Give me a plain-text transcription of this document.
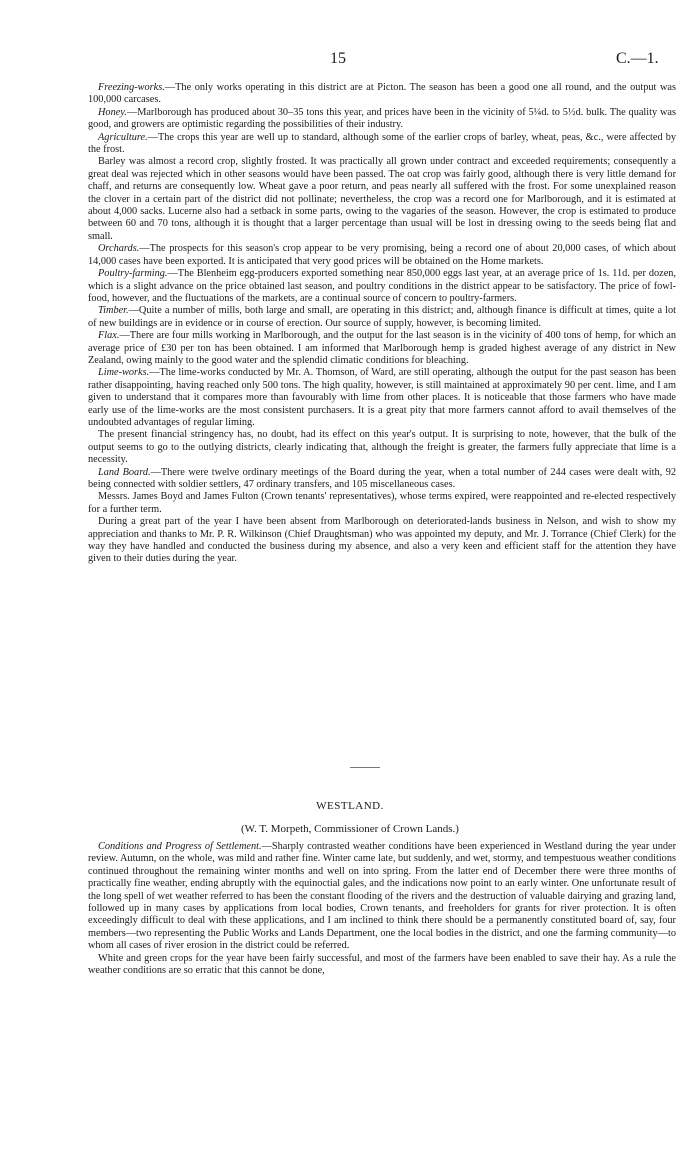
15	C.—1.

Freezing-works.—The only works operating in this district are at Picton. The season has been a good one all round, and the output was 100,000 carcases.

Honey.—Marlborough has produced about 30–35 tons this year, and prices have been in the vicinity of 5¼d. to 5½d. bulk. The quality was good, and growers are optimistic regarding the possibilities of their industry.

Agriculture.—The crops this year are well up to standard, although some of the earlier crops of barley, wheat, peas, &c., were affected by the frost.

Barley was almost a record crop, slightly frosted. It was practically all grown under contract and exceeded requirements; consequently a great deal was rejected which in other seasons would have been passed. The oat crop was fairly good, although there is very little demand for chaff, and returns are consequently low. Wheat gave a poor return, and peas nearly all suffered with the frost. For some unexplained reason the clover in a certain part of the district did not pollinate; nevertheless, the crop was a record one for Marlborough, and it is estimated at about 4,000 sacks. Lucerne also had a setback in some parts, owing to the vagaries of the season. However, the crop is estimated to produce between 60 and 70 tons, although it is thought that a larger percentage than usual will be lost in dressing owing to the seeds being flat and small.

Orchards.—The prospects for this season's crop appear to be very promising, being a record one of about 20,000 cases, of which about 14,000 cases have been exported. It is anticipated that very good prices will be obtained on the Home markets.

Poultry-farming.—The Blenheim egg-producers exported something near 850,000 eggs last year, at an average price of 1s. 11d. per dozen, which is a slight advance on the price obtained last season, and poultry conditions in the district appear to be satisfactory. The price of fowl-food, however, and the fluctuations of the markets, are a continual source of concern to poultry-farmers.

Timber.—Quite a number of mills, both large and small, are operating in this district; and, although finance is difficult at times, quite a lot of new buildings are in evidence or in course of erection. Our source of supply, however, is becoming limited.

Flax.—There are four mills working in Marlborough, and the output for the last season is in the vicinity of 400 tons of hemp, for which an average price of £30 per ton has been obtained. I am informed that Marlborough hemp is graded highest average of any district in New Zealand, owing mainly to the good water and the splendid climatic conditions for bleaching.

Lime-works.—The lime-works conducted by Mr. A. Thomson, of Ward, are still operating, although the output for the past season has been rather disappointing, having reached only 500 tons. The high quality, however, is still maintained at approximately 90 per cent. lime, and I am given to understand that it compares more than favourably with lime from other places. It is noticeable that those farmers who have made early use of the lime-works are the most consistent purchasers. It is a great pity that more farmers cannot afford to avail themselves of the undoubted advantages of regular liming.

The present financial stringency has, no doubt, had its effect on this year's output. It is surprising to note, however, that the bulk of the output seems to go to the outlying districts, clearly indicating that, although the freight is greater, the farmers fully appreciate that lime is a necessity.

Land Board.—There were twelve ordinary meetings of the Board during the year, when a total number of 244 cases were dealt with, 92 being connected with soldier settlers, 47 ordinary transfers, and 105 miscellaneous cases.

Messrs. James Boyd and James Fulton (Crown tenants' representatives), whose terms expired, were reappointed and re-elected respectively for a further term.

During a great part of the year I have been absent from Marlborough on deteriorated-lands business in Nelson, and wish to show my appreciation and thanks to Mr. P. R. Wilkinson (Chief Draughtsman) who was appointed my deputy, and Mr. J. Torrance (Chief Clerk) for the way they have handled and conducted the business during my absence, and also a very keen and efficient staff for the attention they have given to their duties during the year.

WESTLAND.
(W. T. Morpeth, Commissioner of Crown Lands.)

Conditions and Progress of Settlement.—Sharply contrasted weather conditions have been experienced in Westland during the year under review. Autumn, on the whole, was mild and rather fine. Winter came late, but suddenly, and wet, stormy, and tempestuous weather conditions continued throughout the remaining winter months and well on into spring. From the latter end of December there were three months of practically fine weather, ending abruptly with the equinoctial gales, and the indications now point to an early winter. One unfortunate result of the long spell of wet weather referred to has been the constant flooding of the rivers and the destruction of valuable dairying and grazing land, followed up in many cases by applications from local bodies, Crown tenants, and freeholders for grants for river protection. It is often exceedingly difficult to deal with these applications, and I am inclined to think there should be a permanently constituted board of, say, four members—two representing the Public Works and Lands Department, one the local bodies in the district, and one the farming community—to whom all cases of river erosion in the district could be referred.

White and green crops for the year have been fairly successful, and most of the farmers have been enabled to save their hay. As a rule the weather conditions are so erratic that this cannot be done,
